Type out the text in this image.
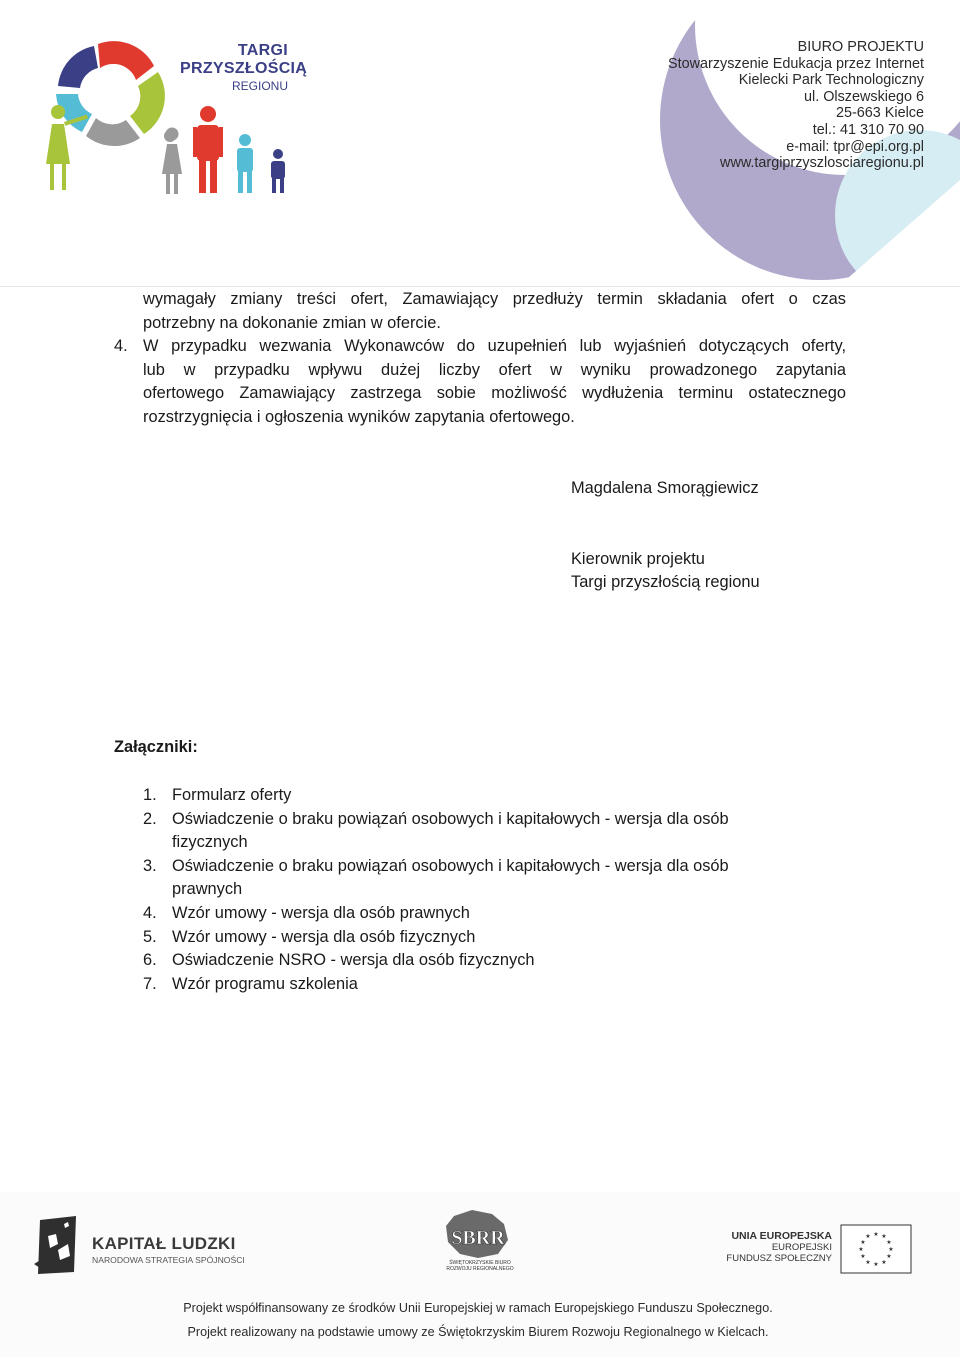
TARGI
PRZYSZŁOŚCIĄ
REGIONU
BIURO PROJEKTU
Stowarzyszenie Edukacja przez Internet
Kielecki Park Technologiczny
ul. Olszewskiego 6
25-663 Kielce
tel.: 41 310 70 90
e-mail: tpr@epi.org.pl
www.targiprzyszlosciaregionu.pl
wymagały zmiany treści ofert, Zamawiający przedłuży termin składania ofert o czas
potrzebny na dokonanie zmian w ofercie.
4. W przypadku wezwania Wykonawców do uzupełnień lub wyjaśnień dotyczących oferty,
lub w przypadku wpływu dużej liczby ofert w wyniku prowadzonego zapytania
ofertowego Zamawiający zastrzega sobie możliwość wydłużenia terminu ostatecznego
rozstrzygnięcia i ogłoszenia wyników zapytania ofertowego.
Magdalena Smorągiewicz
Kierownik projektu
Targi przyszłością regionu
Załączniki:
1. Formularz oferty
2. Oświadczenie o braku powiązań osobowych i kapitałowych - wersja dla osób fizycznych
3. Oświadczenie o braku powiązań osobowych i kapitałowych - wersja dla osób prawnych
4. Wzór umowy - wersja dla osób prawnych
5. Wzór umowy - wersja dla osób fizycznych
6. Oświadczenie NSRO - wersja dla osób fizycznych
7. Wzór programu szkolenia
KAPITAŁ LUDZKI
NARODOWA STRATEGIA SPÓJNOŚCI
SBRR
ŚWIĘTOKRZYSKIE BIURO
ROZWOJU REGIONALNEGO
UNIA EUROPEJSKA
EUROPEJSKI
FUNDUSZ SPOŁECZNY
★ ★
★
★
★
★
★
★
★
★
★
★
Projekt współfinansowany ze środków Unii Europejskiej w ramach Europejskiego Funduszu Społecznego.
Projekt realizowany na podstawie umowy ze Świętokrzyskim Biurem Rozwoju Regionalnego w Kielcach.
